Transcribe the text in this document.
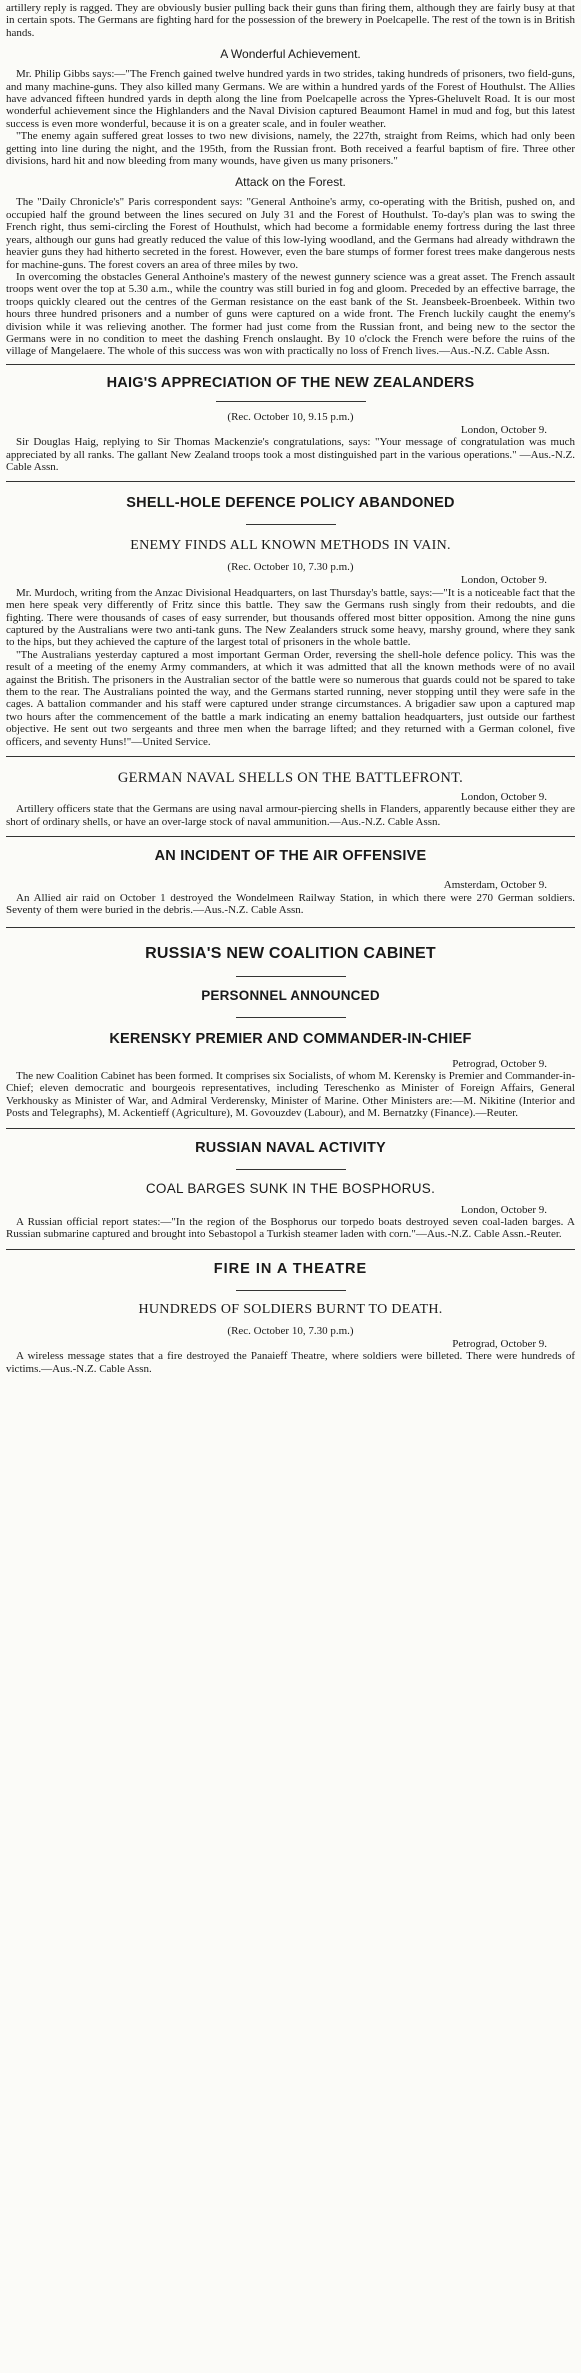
artillery reply is ragged. They are obviously busier pulling back their guns than firing them, although they are fairly busy at that in certain spots. The Germans are fighting hard for the possession of the brewery in Poelcapelle. The rest of the town is in British hands.

A Wonderful Achievement.

Mr. Philip Gibbs says:—"The French gained twelve hundred yards in two strides, taking hundreds of prisoners, two field-guns, and many machine-guns. They also killed many Germans. We are within a hundred yards of the Forest of Houthulst. The Allies have advanced fifteen hundred yards in depth along the line from Poelcapelle across the Ypres-Gheluvelt Road. It is our most wonderful achievement since the Highlanders and the Naval Division captured Beaumont Hamel in mud and fog, but this latest success is even more wonderful, because it is on a greater scale, and in fouler weather.

"The enemy again suffered great losses to two new divisions, namely, the 227th, straight from Reims, which had only been getting into line during the night, and the 195th, from the Russian front. Both received a fearful baptism of fire. Three other divisions, hard hit and now bleeding from many wounds, have given us many prisoners."

Attack on the Forest.

The "Daily Chronicle's" Paris correspondent says: "General Anthoine's army, co-operating with the British, pushed on, and occupied half the ground between the lines secured on July 31 and the Forest of Houthulst. To-day's plan was to swing the French right, thus semi-circling the Forest of Houthulst, which had become a formidable enemy fortress during the last three years, although our guns had greatly reduced the value of this low-lying woodland, and the Germans had already withdrawn the heavier guns they had hitherto secreted in the forest. However, even the bare stumps of former forest trees make dangerous nests for machine-guns. The forest covers an area of three miles by two.

In overcoming the obstacles General Anthoine's mastery of the newest gunnery science was a great asset. The French assault troops went over the top at 5.30 a.m., while the country was still buried in fog and gloom. Preceded by an effective barrage, the troops quickly cleared out the centres of the German resistance on the east bank of the St. Jeansbeek-Broenbeek. Within two hours three hundred prisoners and a number of guns were captured on a wide front. The French luckily caught the enemy's division while it was relieving another. The former had just come from the Russian front, and being new to the sector the Germans were in no condition to meet the dashing French onslaught. By 10 o'clock the French were before the ruins of the village of Mangelaere. The whole of this success was won with practically no loss of French lives.—Aus.-N.Z. Cable Assn.

HAIG'S APPRECIATION OF THE NEW ZEALANDERS

(Rec. October 10, 9.15 p.m.)

London, October 9.

Sir Douglas Haig, replying to Sir Thomas Mackenzie's congratulations, says: "Your message of congratulation was much appreciated by all ranks. The gallant New Zealand troops took a most distinguished part in the various operations." —Aus.-N.Z. Cable Assn.

SHELL-HOLE DEFENCE POLICY ABANDONED
ENEMY FINDS ALL KNOWN METHODS IN VAIN.

(Rec. October 10, 7.30 p.m.)

London, October 9.

Mr. Murdoch, writing from the Anzac Divisional Headquarters, on last Thursday's battle, says:—"It is a noticeable fact that the men here speak very differently of Fritz since this battle. They saw the Germans rush singly from their redoubts, and die fighting. There were thousands of cases of easy surrender, but thousands offered most bitter opposition. Among the nine guns captured by the Australians were two anti-tank guns. The New Zealanders struck some heavy, marshy ground, where they sank to the hips, but they achieved the capture of the largest total of prisoners in the whole battle.

"The Australians yesterday captured a most important German Order, reversing the shell-hole defence policy. This was the result of a meeting of the enemy Army commanders, at which it was admitted that all the known methods were of no avail against the British. The prisoners in the Australian sector of the battle were so numerous that guards could not be spared to take them to the rear. The Australians pointed the way, and the Germans started running, never stopping until they were safe in the cages. A battalion commander and his staff were captured under strange circumstances. A brigadier saw upon a captured map two hours after the commencement of the battle a mark indicating an enemy battalion headquarters, just outside our farthest objective. He sent out two sergeants and three men when the barrage lifted; and they returned with a German colonel, five officers, and seventy Huns!"—United Service.

GERMAN NAVAL SHELLS ON THE BATTLEFRONT.

London, October 9.

Artillery officers state that the Germans are using naval armour-piercing shells in Flanders, apparently because either they are short of ordinary shells, or have an over-large stock of naval ammunition.—Aus.-N.Z. Cable Assn.

AN INCIDENT OF THE AIR OFFENSIVE

Amsterdam, October 9.

An Allied air raid on October 1 destroyed the Wondelmeen Railway Station, in which there were 270 German soldiers. Seventy of them were buried in the debris.—Aus.-N.Z. Cable Assn.

RUSSIA'S NEW COALITION CABINET
PERSONNEL ANNOUNCED
KERENSKY PREMIER AND COMMANDER-IN-CHIEF

Petrograd, October 9.

The new Coalition Cabinet has been formed. It comprises six Socialists, of whom M. Kerensky is Premier and Commander-in-Chief; eleven democratic and bourgeois representatives, including Tereschenko as Minister of Foreign Affairs, General Verkhousky as Minister of War, and Admiral Verderensky, Minister of Marine. Other Ministers are:—M. Nikitine (Interior and Posts and Telegraphs), M. Ackentieff (Agriculture), M. Govouzdev (Labour), and M. Bernatzky (Finance).—Reuter.

RUSSIAN NAVAL ACTIVITY
COAL BARGES SUNK IN THE BOSPHORUS.

London, October 9.

A Russian official report states:—"In the region of the Bosphorus our torpedo boats destroyed seven coal-laden barges. A Russian submarine captured and brought into Sebastopol a Turkish steamer laden with corn."—Aus.-N.Z. Cable Assn.-Reuter.

FIRE IN A THEATRE
HUNDREDS OF SOLDIERS BURNT TO DEATH.

(Rec. October 10, 7.30 p.m.)

Petrograd, October 9.

A wireless message states that a fire destroyed the Panaieff Theatre, where soldiers were billeted. There were hundreds of victims.—Aus.-N.Z. Cable Assn.
